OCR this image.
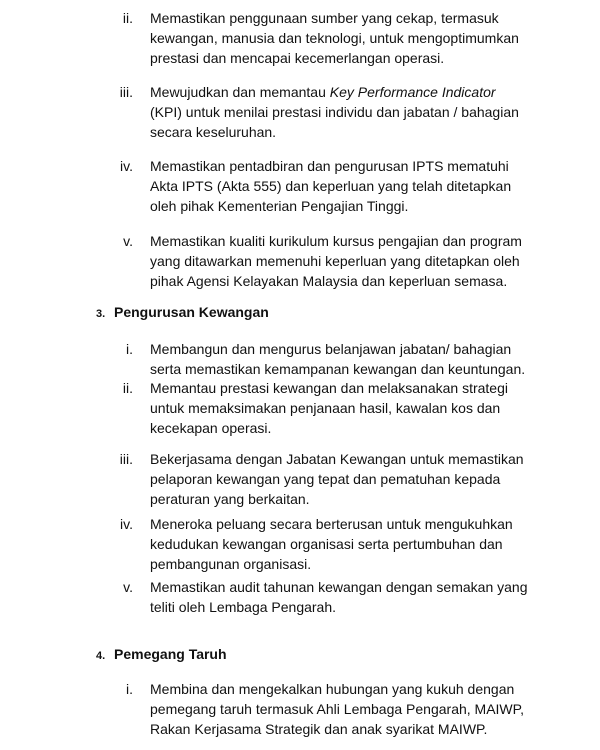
ii. Memastikan penggunaan sumber yang cekap, termasuk

kewangan, manusia dan teknologi, untuk mengoptimumkan

prestasi dan mencapai kecemerlangan operasi.

iii. Mewujudkan dan memantau Key Performance Indicator

(KPI) untuk menilai prestasi individu dan jabatan / bahagian

secara keseluruhan.

iv. Memastikan pentadbiran dan pengurusan IPTS mematuhi

Akta IPTS (Akta 555) dan keperluan yang telah ditetapkan

oleh pihak Kementerian Pengajian Tinggi.

v. Memastikan kualiti kurikulum kursus pengajian dan program

yang ditawarkan memenuhi keperluan yang ditetapkan oleh

pihak Agensi Kelayakan Malaysia dan keperluan semasa.

3. Pengurusan Kewangan
i. Membangun dan mengurus belanjawan jabatan/ bahagian

serta memastikan kemampanan kewangan dan keuntungan.

ii. Memantau prestasi kewangan dan melaksanakan strategi

untuk memaksimakan penjanaan hasil, kawalan kos dan

kecekapan operasi.

iii. Bekerjasama dengan Jabatan Kewangan untuk memastikan

pelaporan kewangan yang tepat dan pematuhan kepada

peraturan yang berkaitan.

iv. Meneroka peluang secara berterusan untuk mengukuhkan

kedudukan kewangan organisasi serta pertumbuhan dan

pembangunan organisasi.

v. Memastikan audit tahunan kewangan dengan semakan yang

teliti oleh Lembaga Pengarah.

4. Pemegang Taruh
i. Membina dan mengekalkan hubungan yang kukuh dengan

pemegang taruh termasuk Ahli Lembaga Pengarah, MAIWP,

Rakan Kerjasama Strategik dan anak syarikat MAIWP.
